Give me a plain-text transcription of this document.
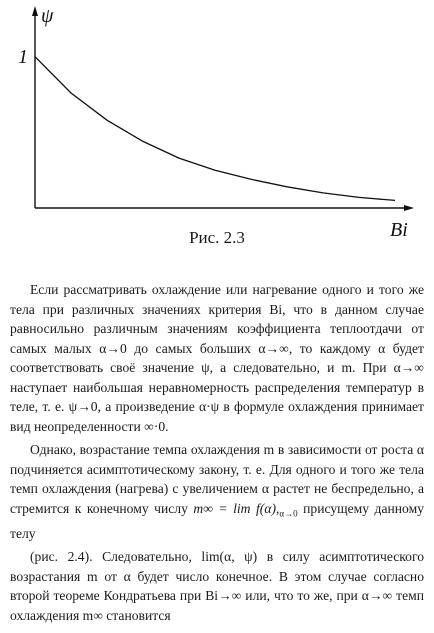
ψ
1
Bi
Рис. 2.3

Если рассматривать охлаждение или нагревание одного и того же тела при различных значениях критерия Bi, что в данном случае равносильно различным значениям коэффициента теплоотдачи от самых малых α→0 до самых больших α→∞, то каждому α будет соответствовать своё значение ψ, а следовательно, и m. При α→∞ наступает наибольшая неравномерность распределения температур в теле, т. е. ψ→0, а произведение α·ψ в формуле охлаждения принимает вид неопределенности ∞·0.

Однако, возрастание темпа охлаждения m в зависимости от роста α подчиняется асимптотическому закону, т. е. Для одного и того же тела темп охлаждения (нагрева) с увеличением α растет не беспредельно, а стремится к конечному числу $m\infty = \lim f(\alpha),_{\alpha\to 0}$ присущему данному телу

(рис. 2.4). Следовательно, lim(α, ψ) в силу асимптотического возрастания m от α будет число конечное. В этом случае согласно второй теореме Кондратьева при Bi→∞ или, что то же, при α→∞ темп охлаждения m∞ становится
